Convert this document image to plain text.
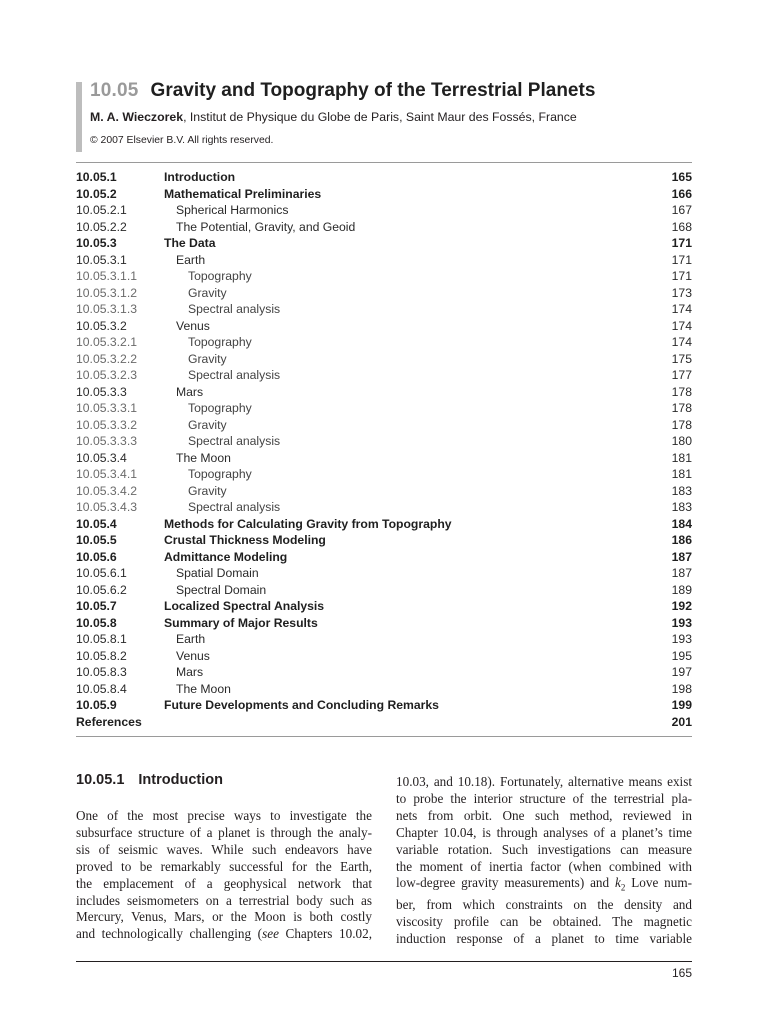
10.05 Gravity and Topography of the Terrestrial Planets
M. A. Wieczorek, Institut de Physique du Globe de Paris, Saint Maur des Fossés, France
© 2007 Elsevier B.V. All rights reserved.
10.05.1	Introduction	165
10.05.2	Mathematical Preliminaries	166
10.05.2.1	Spherical Harmonics	167
10.05.2.2	The Potential, Gravity, and Geoid	168
10.05.3	The Data	171
10.05.3.1	Earth	171
10.05.3.1.1	Topography	171
10.05.3.1.2	Gravity	173
10.05.3.1.3	Spectral analysis	174
10.05.3.2	Venus	174
10.05.3.2.1	Topography	174
10.05.3.2.2	Gravity	175
10.05.3.2.3	Spectral analysis	177
10.05.3.3	Mars	178
10.05.3.3.1	Topography	178
10.05.3.3.2	Gravity	178
10.05.3.3.3	Spectral analysis	180
10.05.3.4	The Moon	181
10.05.3.4.1	Topography	181
10.05.3.4.2	Gravity	183
10.05.3.4.3	Spectral analysis	183
10.05.4	Methods for Calculating Gravity from Topography	184
10.05.5	Crustal Thickness Modeling	186
10.05.6	Admittance Modeling	187
10.05.6.1	Spatial Domain	187
10.05.6.2	Spectral Domain	189
10.05.7	Localized Spectral Analysis	192
10.05.8	Summary of Major Results	193
10.05.8.1	Earth	193
10.05.8.2	Venus	195
10.05.8.3	Mars	197
10.05.8.4	The Moon	198
10.05.9	Future Developments and Concluding Remarks	199
References	201
10.05.1 Introduction
One of the most precise ways to investigate the
subsurface structure of a planet is through the analy-
sis of seismic waves. While such endeavors have
proved to be remarkably successful for the Earth,
the emplacement of a geophysical network that
includes seismometers on a terrestrial body such as
Mercury, Venus, Mars, or the Moon is both costly
and technologically challenging (see Chapters 10.02,
10.03, and 10.18). Fortunately, alternative means exist
to probe the interior structure of the terrestrial pla-
nets from orbit. One such method, reviewed in
Chapter 10.04, is through analyses of a planet’s time
variable rotation. Such investigations can measure
the moment of inertia factor (when combined with
low-degree gravity measurements) and $k_2$ Love num-
ber, from which constraints on the density and
viscosity profile can be obtained. The magnetic
induction response of a planet to time variable
165
